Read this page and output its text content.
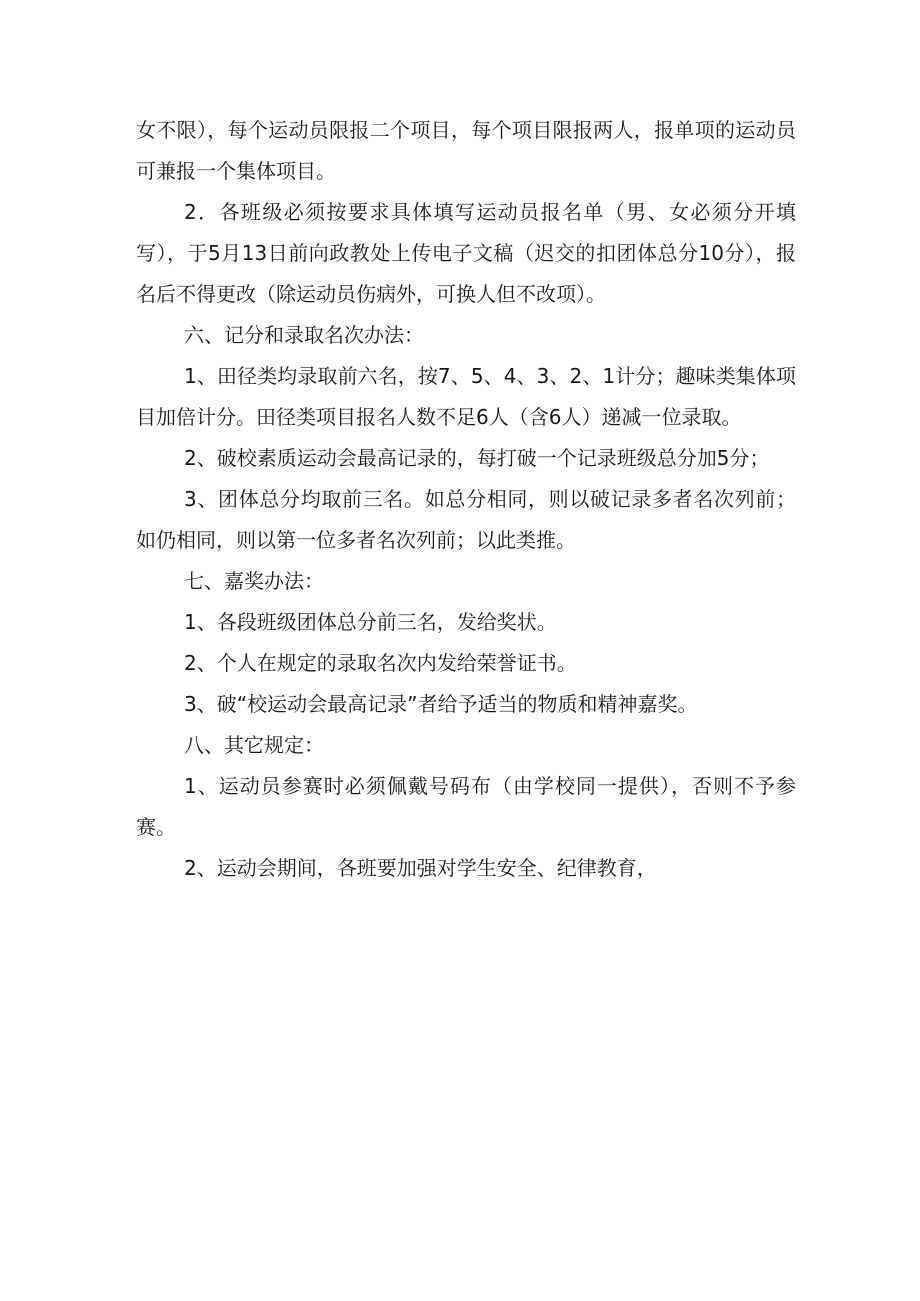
女不限），每个运动员限报二个项目，每个项目限报两人，报单项的运动员可兼报一个集体项目。

2．各班级必须按要求具体填写运动员报名单（男、女必须分开填写），于5月13日前向政教处上传电子文稿（迟交的扣团体总分10分），报名后不得更改（除运动员伤病外，可换人但不改项）。

六、记分和录取名次办法：

1、田径类均录取前六名，按7、5、4、3、2、1计分；趣味类集体项目加倍计分。田径类项目报名人数不足6人（含6人）递减一位录取。

2、破校素质运动会最高记录的，每打破一个记录班级总分加5分；

3、团体总分均取前三名。如总分相同，则以破记录多者名次列前；如仍相同，则以第一位多者名次列前；以此类推。

七、嘉奖办法：

1、各段班级团体总分前三名，发给奖状。

2、个人在规定的录取名次内发给荣誉证书。

3、破“校运动会最高记录”者给予适当的物质和精神嘉奖。

八、其它规定：

1、运动员参赛时必须佩戴号码布（由学校同一提供），否则不予参赛。

2、运动会期间，各班要加强对学生安全、纪律教育，
